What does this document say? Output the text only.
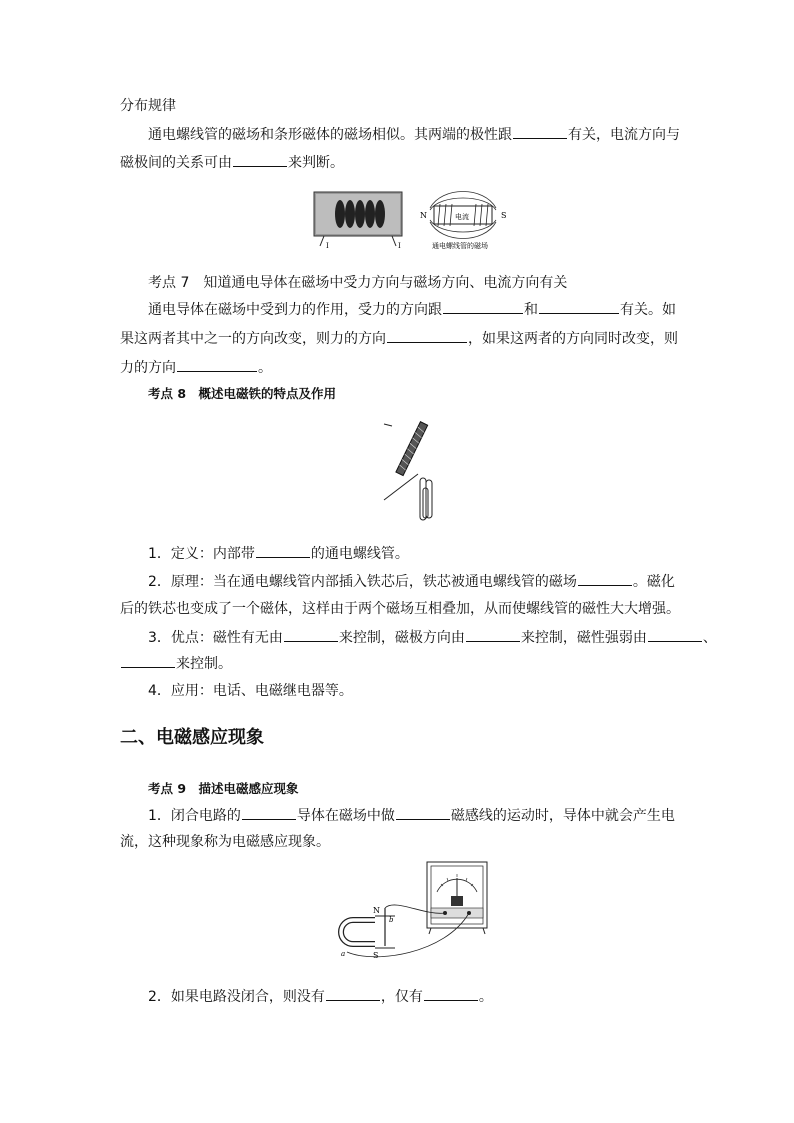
分布规律
通电螺线管的磁场和条形磁体的磁场相似。其两端的极性跟	有关，电流方向与
磁极间的关系可由	来判断。
I	I
N	S
电流
通电螺线管的磁场
考点 7　知道通电导体在磁场中受力方向与磁场方向、电流方向有关
通电导体在磁场中受到力的作用，受力的方向跟	和	有关。如
果这两者其中之一的方向改变，则力的方向	，如果这两者的方向同时改变，则
力的方向	。
考点 8　概述电磁铁的特点及作用
1．定义：内部带	的通电螺线管。
2．原理：当在通电螺线管内部插入铁芯后，铁芯被通电螺线管的磁场	。磁化
后的铁芯也变成了一个磁体，这样由于两个磁场互相叠加，从而使螺线管的磁性大大增强。
3．优点：磁性有无由	来控制，磁极方向由	来控制，磁性强弱由	、
来控制。
4．应用：电话、电磁继电器等。
二、电磁感应现象
考点 9　描述电磁感应现象
1．闭合电路的	导体在磁场中做	磁感线的运动时，导体中就会产生电
流，这种现象称为电磁感应现象。
N
S
b
a
2．如果电路没闭合，则没有	，仅有	。
